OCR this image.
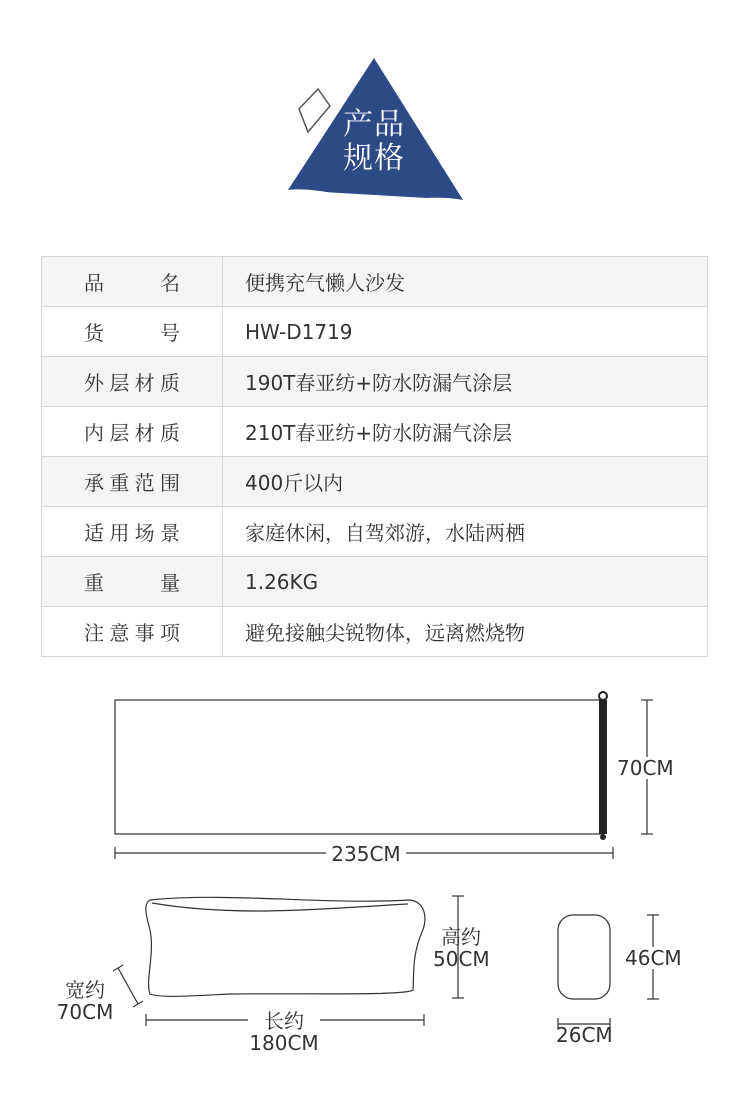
产品
规格
品名	便携充气懒人沙发
货号	HW-D1719
外层材质	190T春亚纺+防水防漏气涂层
内层材质	210T春亚纺+防水防漏气涂层
承重范围	400斤以内
适用场景	家庭休闲，自驾郊游，水陆两栖
重量	1.26KG
注意事项	避免接触尖锐物体，远离燃烧物
70CM
235CM
高约
50CM
宽约
70CM	长约
180CM
46CM
26CM
